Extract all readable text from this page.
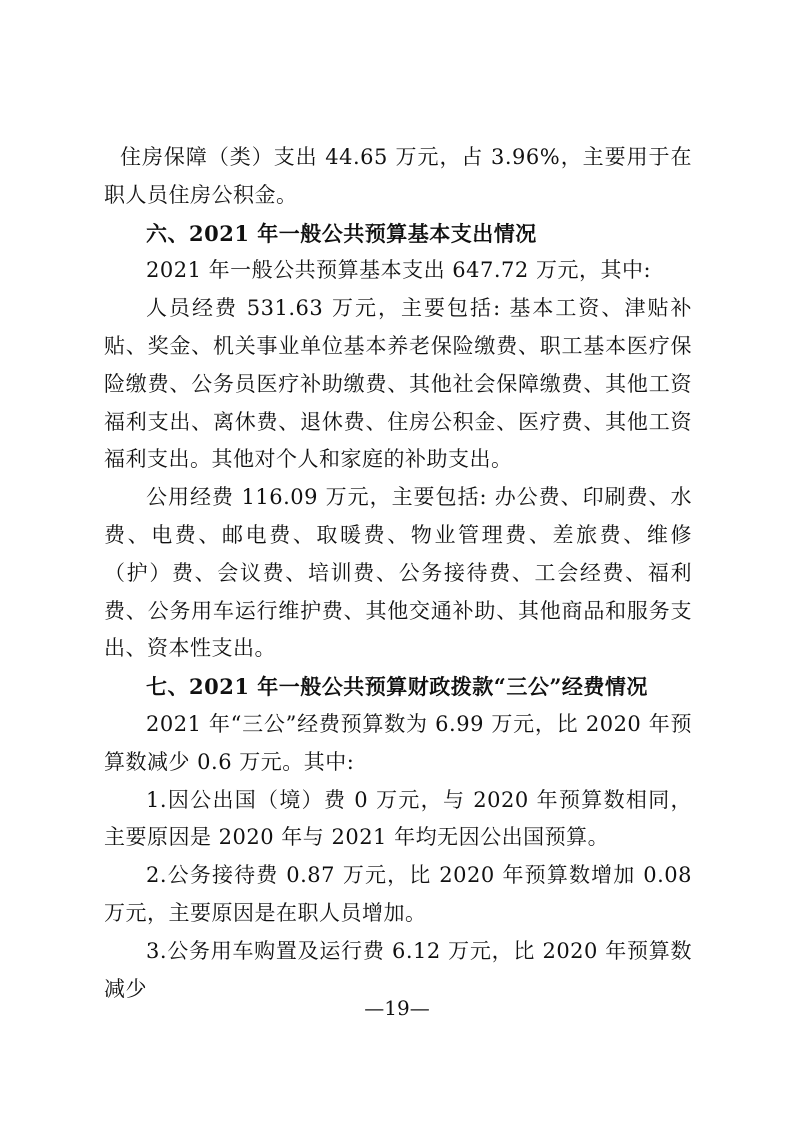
住房保障（类）支出 44.65 万元，占 3.96%，主要用于在职人员住房公积金。

六、2021 年一般公共预算基本支出情况

2021 年一般公共预算基本支出 647.72 万元，其中:

人员经费 531.63 万元，主要包括: 基本工资、津贴补贴、奖金、机关事业单位基本养老保险缴费、职工基本医疗保险缴费、公务员医疗补助缴费、其他社会保障缴费、其他工资福利支出、离休费、退休费、住房公积金、医疗费、其他工资福利支出。其他对个人和家庭的补助支出。

公用经费 116.09 万元，主要包括: 办公费、印刷费、水费、电费、邮电费、取暖费、物业管理费、差旅费、维修（护）费、会议费、培训费、公务接待费、工会经费、福利费、公务用车运行维护费、其他交通补助、其他商品和服务支出、资本性支出。

七、2021 年一般公共预算财政拨款“三公”经费情况

2021 年“三公”经费预算数为 6.99 万元，比 2020 年预算数减少 0.6 万元。其中:

1.因公出国（境）费 0 万元，与 2020 年预算数相同，主要原因是 2020 年与 2021 年均无因公出国预算。

2.公务接待费 0.87 万元，比 2020 年预算数增加 0.08 万元，主要原因是在职人员增加。

3.公务用车购置及运行费 6.12 万元，比 2020 年预算数减少

—19—
